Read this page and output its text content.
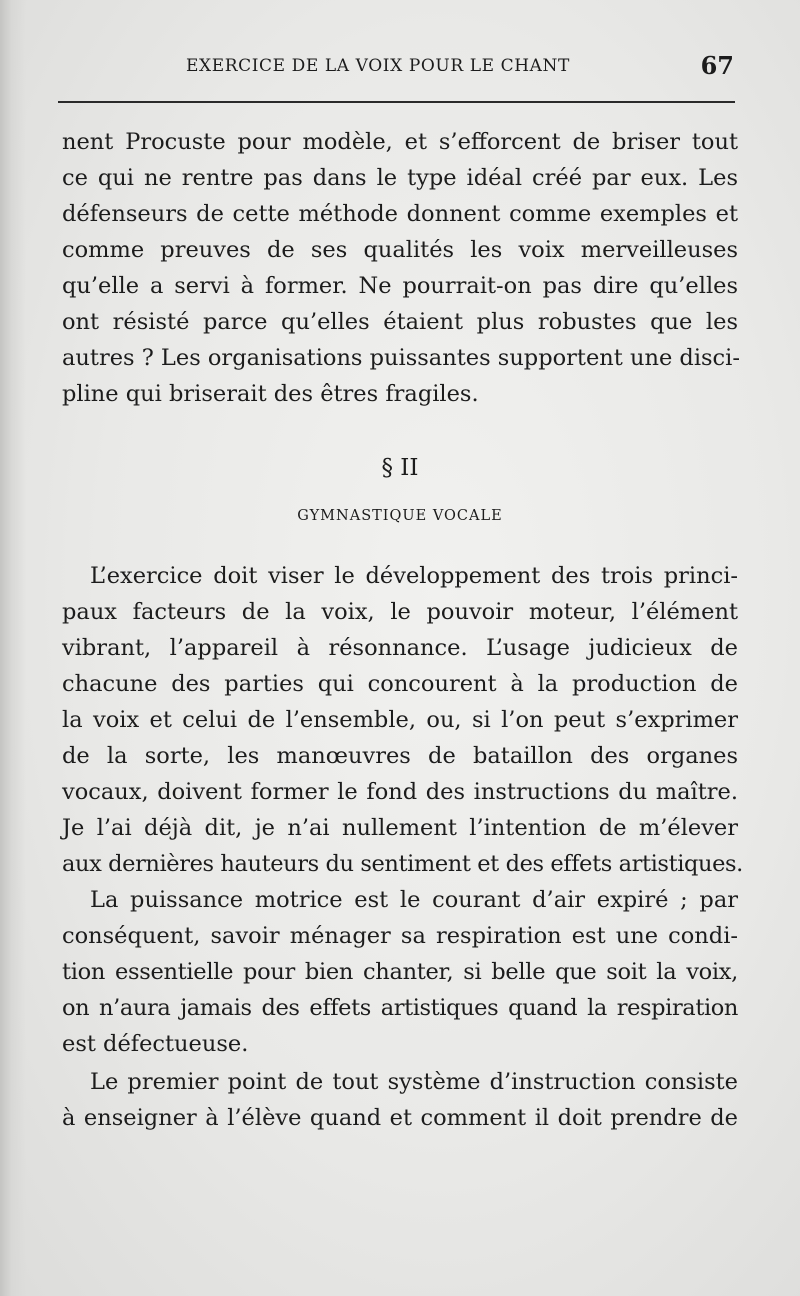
EXERCICE DE LA VOIX POUR LE CHANT	67
nent Procuste pour modèle, et s’efforcent de briser tout
ce qui ne rentre pas dans le type idéal créé par eux. Les
défenseurs de cette méthode donnent comme exemples et
comme preuves de ses qualités les voix merveilleuses
qu’elle a servi à former. Ne pourrait-on pas dire qu’elles
ont résisté parce qu’elles étaient plus robustes que les
autres ? Les organisations puissantes supportent une disci-
pline qui briserait des êtres fragiles.
§ II
GYMNASTIQUE VOCALE
L’exercice doit viser le développement des trois princi-
paux facteurs de la voix, le pouvoir moteur, l’élément
vibrant, l’appareil à résonnance. L’usage judicieux de
chacune des parties qui concourent à la production de
la voix et celui de l’ensemble, ou, si l’on peut s’exprimer
de la sorte, les manœuvres de bataillon des organes
vocaux, doivent former le fond des instructions du maître.
Je l’ai déjà dit, je n’ai nullement l’intention de m’élever
aux dernières hauteurs du sentiment et des effets artistiques.
La puissance motrice est le courant d’air expiré ; par
conséquent, savoir ménager sa respiration est une condi-
tion essentielle pour bien chanter, si belle que soit la voix,
on n’aura jamais des effets artistiques quand la respiration
est défectueuse.
Le premier point de tout système d’instruction consiste
à enseigner à l’élève quand et comment il doit prendre de
